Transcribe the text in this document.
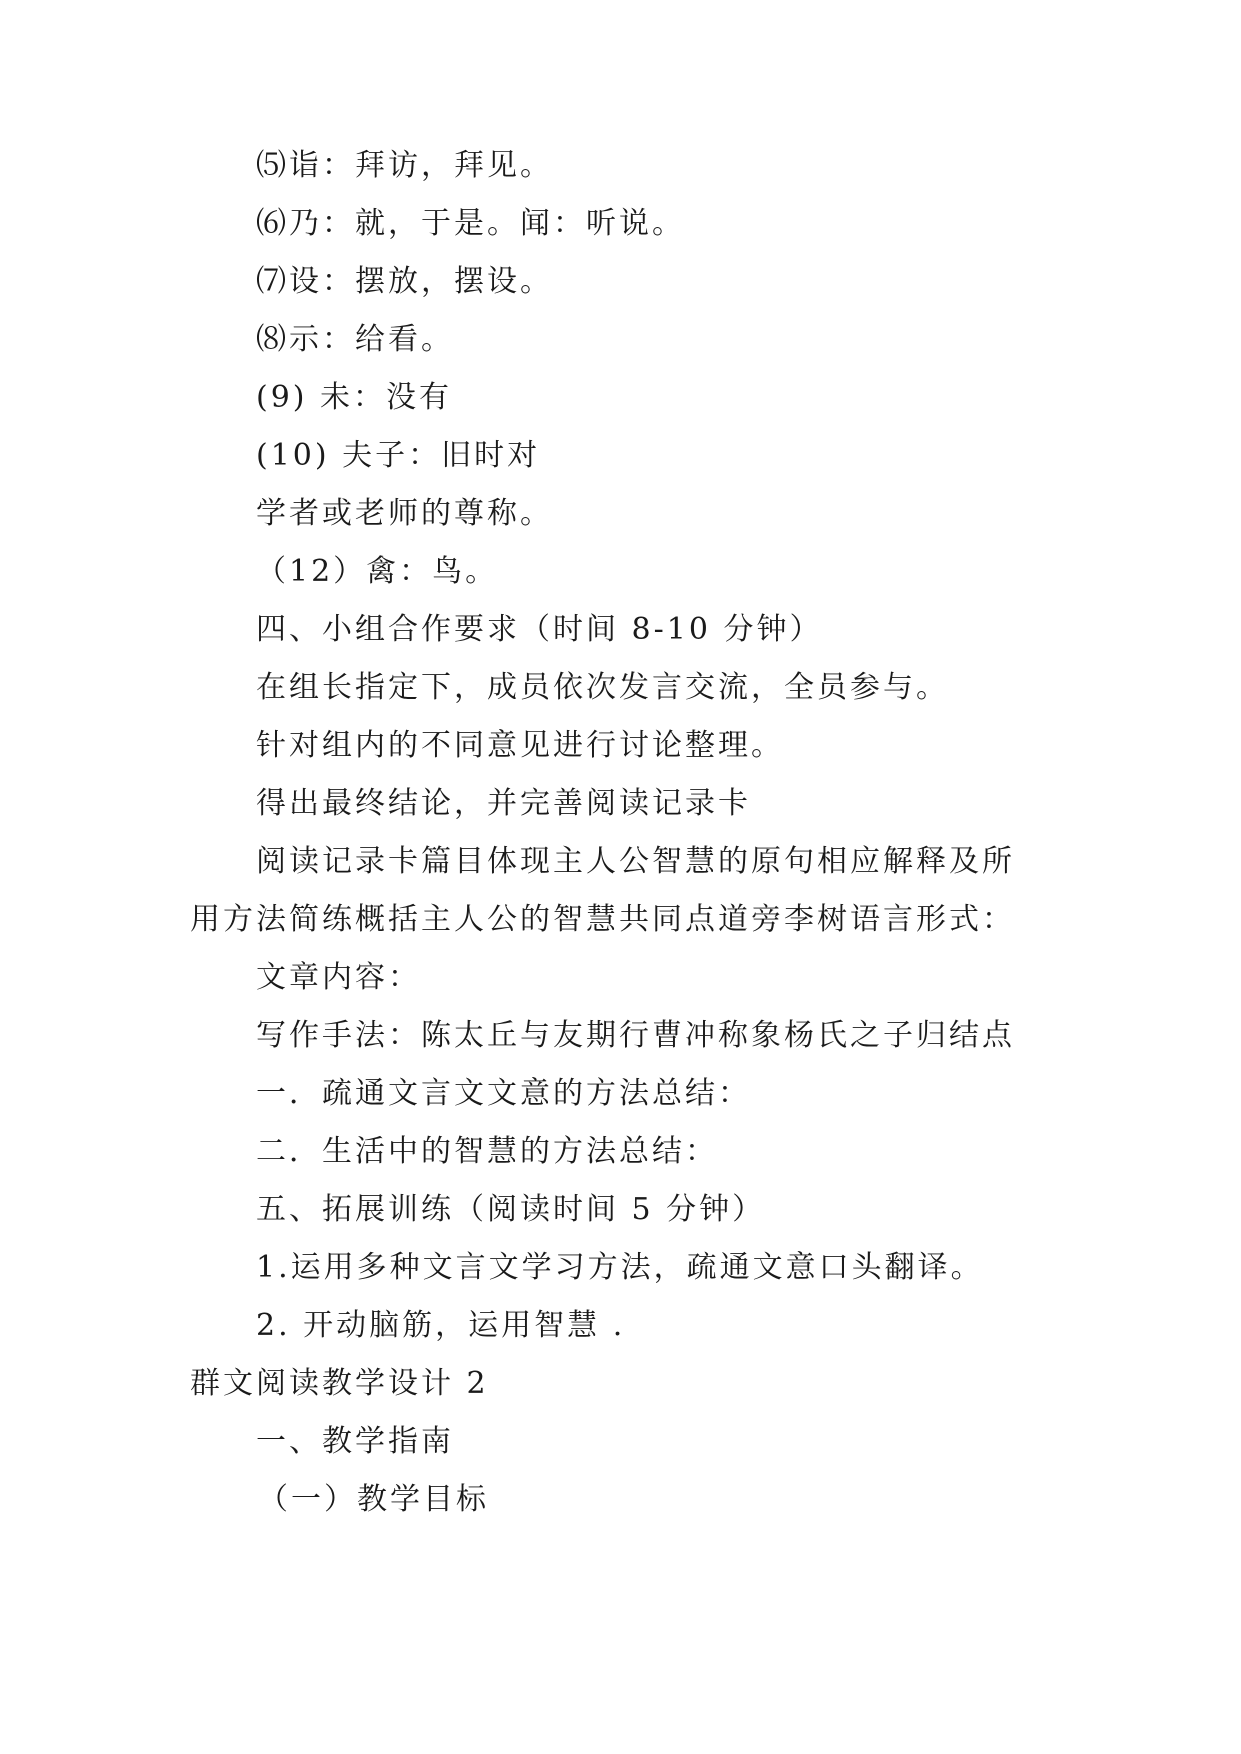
⑸诣：拜访，拜见。
⑹乃：就，于是。闻：听说。
⑺设：摆放，摆设。
⑻示：给看。
(9) 未：没有
(10) 夫子：旧时对
学者或老师的尊称。
（12）禽：鸟。
四、小组合作要求（时间 8-10 分钟）
在组长指定下，成员依次发言交流，全员参与。
针对组内的不同意见进行讨论整理。
得出最终结论，并完善阅读记录卡
阅读记录卡篇目体现主人公智慧的原句相应解释及所
用方法简练概括主人公的智慧共同点道旁李树语言形式：
文章内容：
写作手法：陈太丘与友期行曹冲称象杨氏之子归结点
一．疏通文言文文意的方法总结：
二．生活中的智慧的方法总结：
五、拓展训练（阅读时间 5 分钟）
1.运用多种文言文学习方法，疏通文意口头翻译。
2. 开动脑筋，运用智慧 .
群文阅读教学设计 2
一、教学指南
（一）教学目标
